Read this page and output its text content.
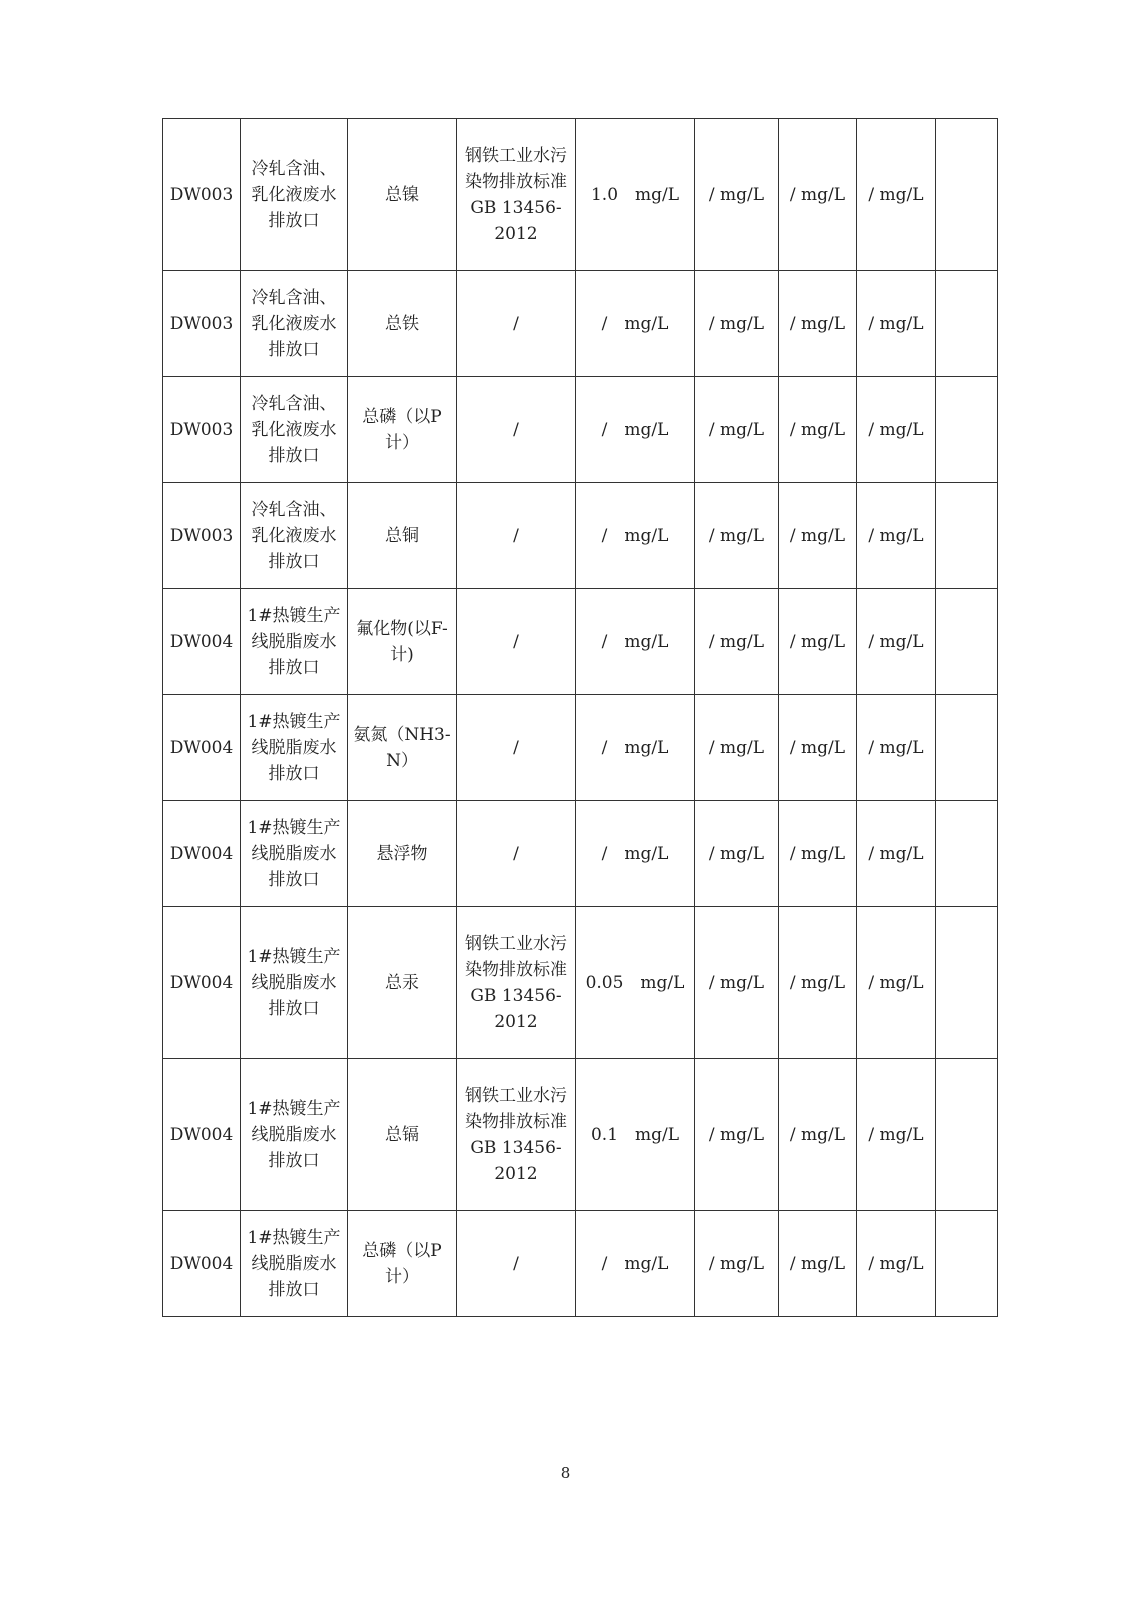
DW003	冷轧含油、乳化液废水排放口	总镍	钢铁工业水污染物排放标准 GB 13456-2012	1.0　mg/L	/ mg/L	/ mg/L	/ mg/L	
DW003	冷轧含油、乳化液废水排放口	总铁	/	/　mg/L	/ mg/L	/ mg/L	/ mg/L	
DW003	冷轧含油、乳化液废水排放口	总磷（以P计）	/	/　mg/L	/ mg/L	/ mg/L	/ mg/L	
DW003	冷轧含油、乳化液废水排放口	总铜	/	/　mg/L	/ mg/L	/ mg/L	/ mg/L	
DW004	1#热镀生产线脱脂废水排放口	氟化物(以F-计)	/	/　mg/L	/ mg/L	/ mg/L	/ mg/L	
DW004	1#热镀生产线脱脂废水排放口	氨氮（NH3-N）	/	/　mg/L	/ mg/L	/ mg/L	/ mg/L	
DW004	1#热镀生产线脱脂废水排放口	悬浮物	/	/　mg/L	/ mg/L	/ mg/L	/ mg/L	
DW004	1#热镀生产线脱脂废水排放口	总汞	钢铁工业水污染物排放标准 GB 13456-2012	0.05　mg/L	/ mg/L	/ mg/L	/ mg/L	
DW004	1#热镀生产线脱脂废水排放口	总镉	钢铁工业水污染物排放标准 GB 13456-2012	0.1　mg/L	/ mg/L	/ mg/L	/ mg/L	
DW004	1#热镀生产线脱脂废水排放口	总磷（以P计）	/	/　mg/L	/ mg/L	/ mg/L	/ mg/L	
8
